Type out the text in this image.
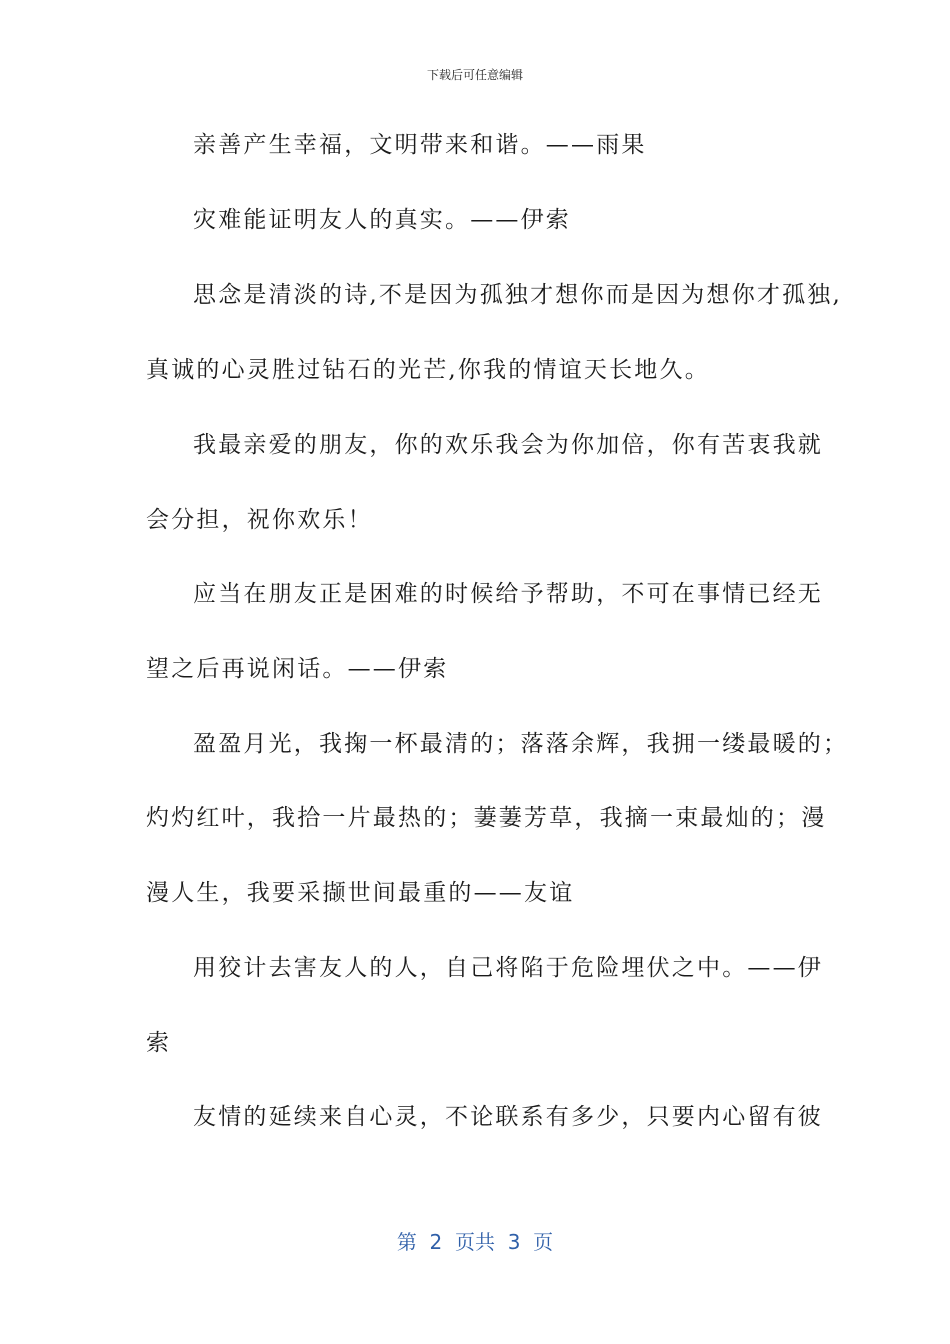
下载后可任意编辑
亲善产生幸福，文明带来和谐。——雨果
灾难能证明友人的真实。——伊索
思念是清淡的诗,不是因为孤独才想你而是因为想你才孤独,
真诚的心灵胜过钻石的光芒,你我的情谊天长地久。
我最亲爱的朋友，你的欢乐我会为你加倍，你有苦衷我就
会分担，祝你欢乐！
应当在朋友正是困难的时候给予帮助，不可在事情已经无
望之后再说闲话。——伊索
盈盈月光，我掬一杯最清的；落落余辉，我拥一缕最暖的；
灼灼红叶，我拾一片最热的；萋萋芳草，我摘一束最灿的；漫
漫人生，我要采撷世间最重的——友谊
用狡计去害友人的人，自己将陷于危险埋伏之中。——伊
索
友情的延续来自心灵，不论联系有多少，只要内心留有彼
第  2  页共  3  页
